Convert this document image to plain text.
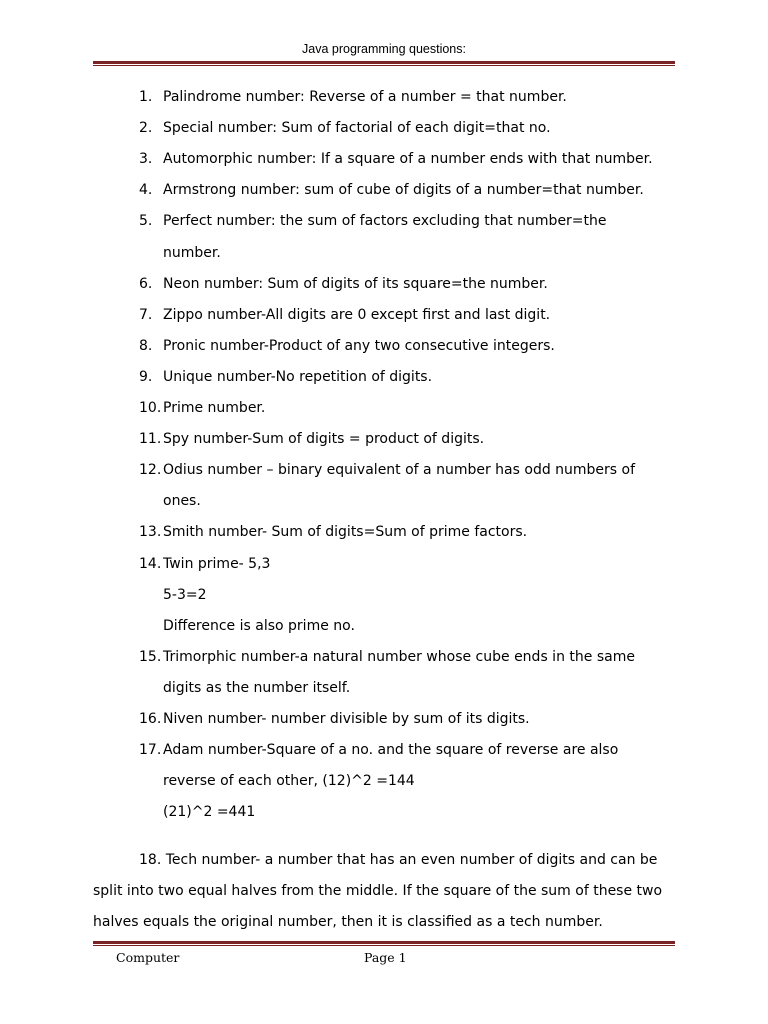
Java programming questions:
1. Palindrome number: Reverse of a number = that number.
2. Special number: Sum of factorial of each digit=that no.
3. Automorphic number: If a square of a number ends with that number.
4. Armstrong number: sum of cube of digits of a number=that number.
5. Perfect number: the sum of factors excluding that number=the
number.
6. Neon number: Sum of digits of its square=the number.
7. Zippo number-All digits are 0 except first and last digit.
8. Pronic number-Product of any two consecutive integers.
9. Unique number-No repetition of digits.
10. Prime number.
11. Spy number-Sum of digits = product of digits.
12. Odius number – binary equivalent of a number has odd numbers of
ones.
13. Smith number- Sum of digits=Sum of prime factors.
14. Twin prime- 5,3
5-3=2
Difference is also prime no.
15. Trimorphic number-a natural number whose cube ends in the same
digits as the number itself.
16. Niven number- number divisible by sum of its digits.
17. Adam number-Square of a no. and the square of reverse are also
reverse of each other, (12)^2 =144
(21)^2 =441
18. Tech number- a number that has an even number of digits and can be
split into two equal halves from the middle. If the square of the sum of these two
halves equals the original number, then it is classified as a tech number.
Computer	Page 1
